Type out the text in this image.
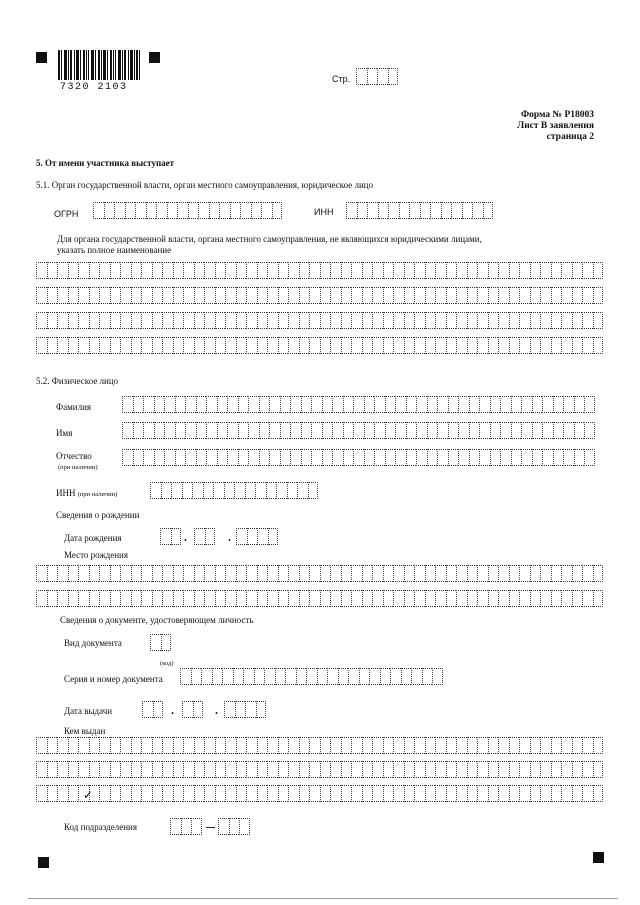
7320 2103
Стр.
Форма № Р18003
Лист В заявления
страница 2
5. От имени участника выступает
5.1. Орган государственной власти, орган местного самоуправления, юридическое лицо
ОГРН	ИНН
Для органа государственной власти, органа местного самоуправления, не являющихся юридическими лицами,
указать полное наименование
5.2. Физическое лицо
Фамилия
Имя
Отчество
(при наличии)
ИНН (при наличии)
Сведения о рождении
Дата рождения	.	.
Место рождения
Сведения о документе, удостоверяющем личность
Вид документа
(код)
Серия и номер документа
Дата выдачи	.	.
Кем выдан
✓
Код подразделения
